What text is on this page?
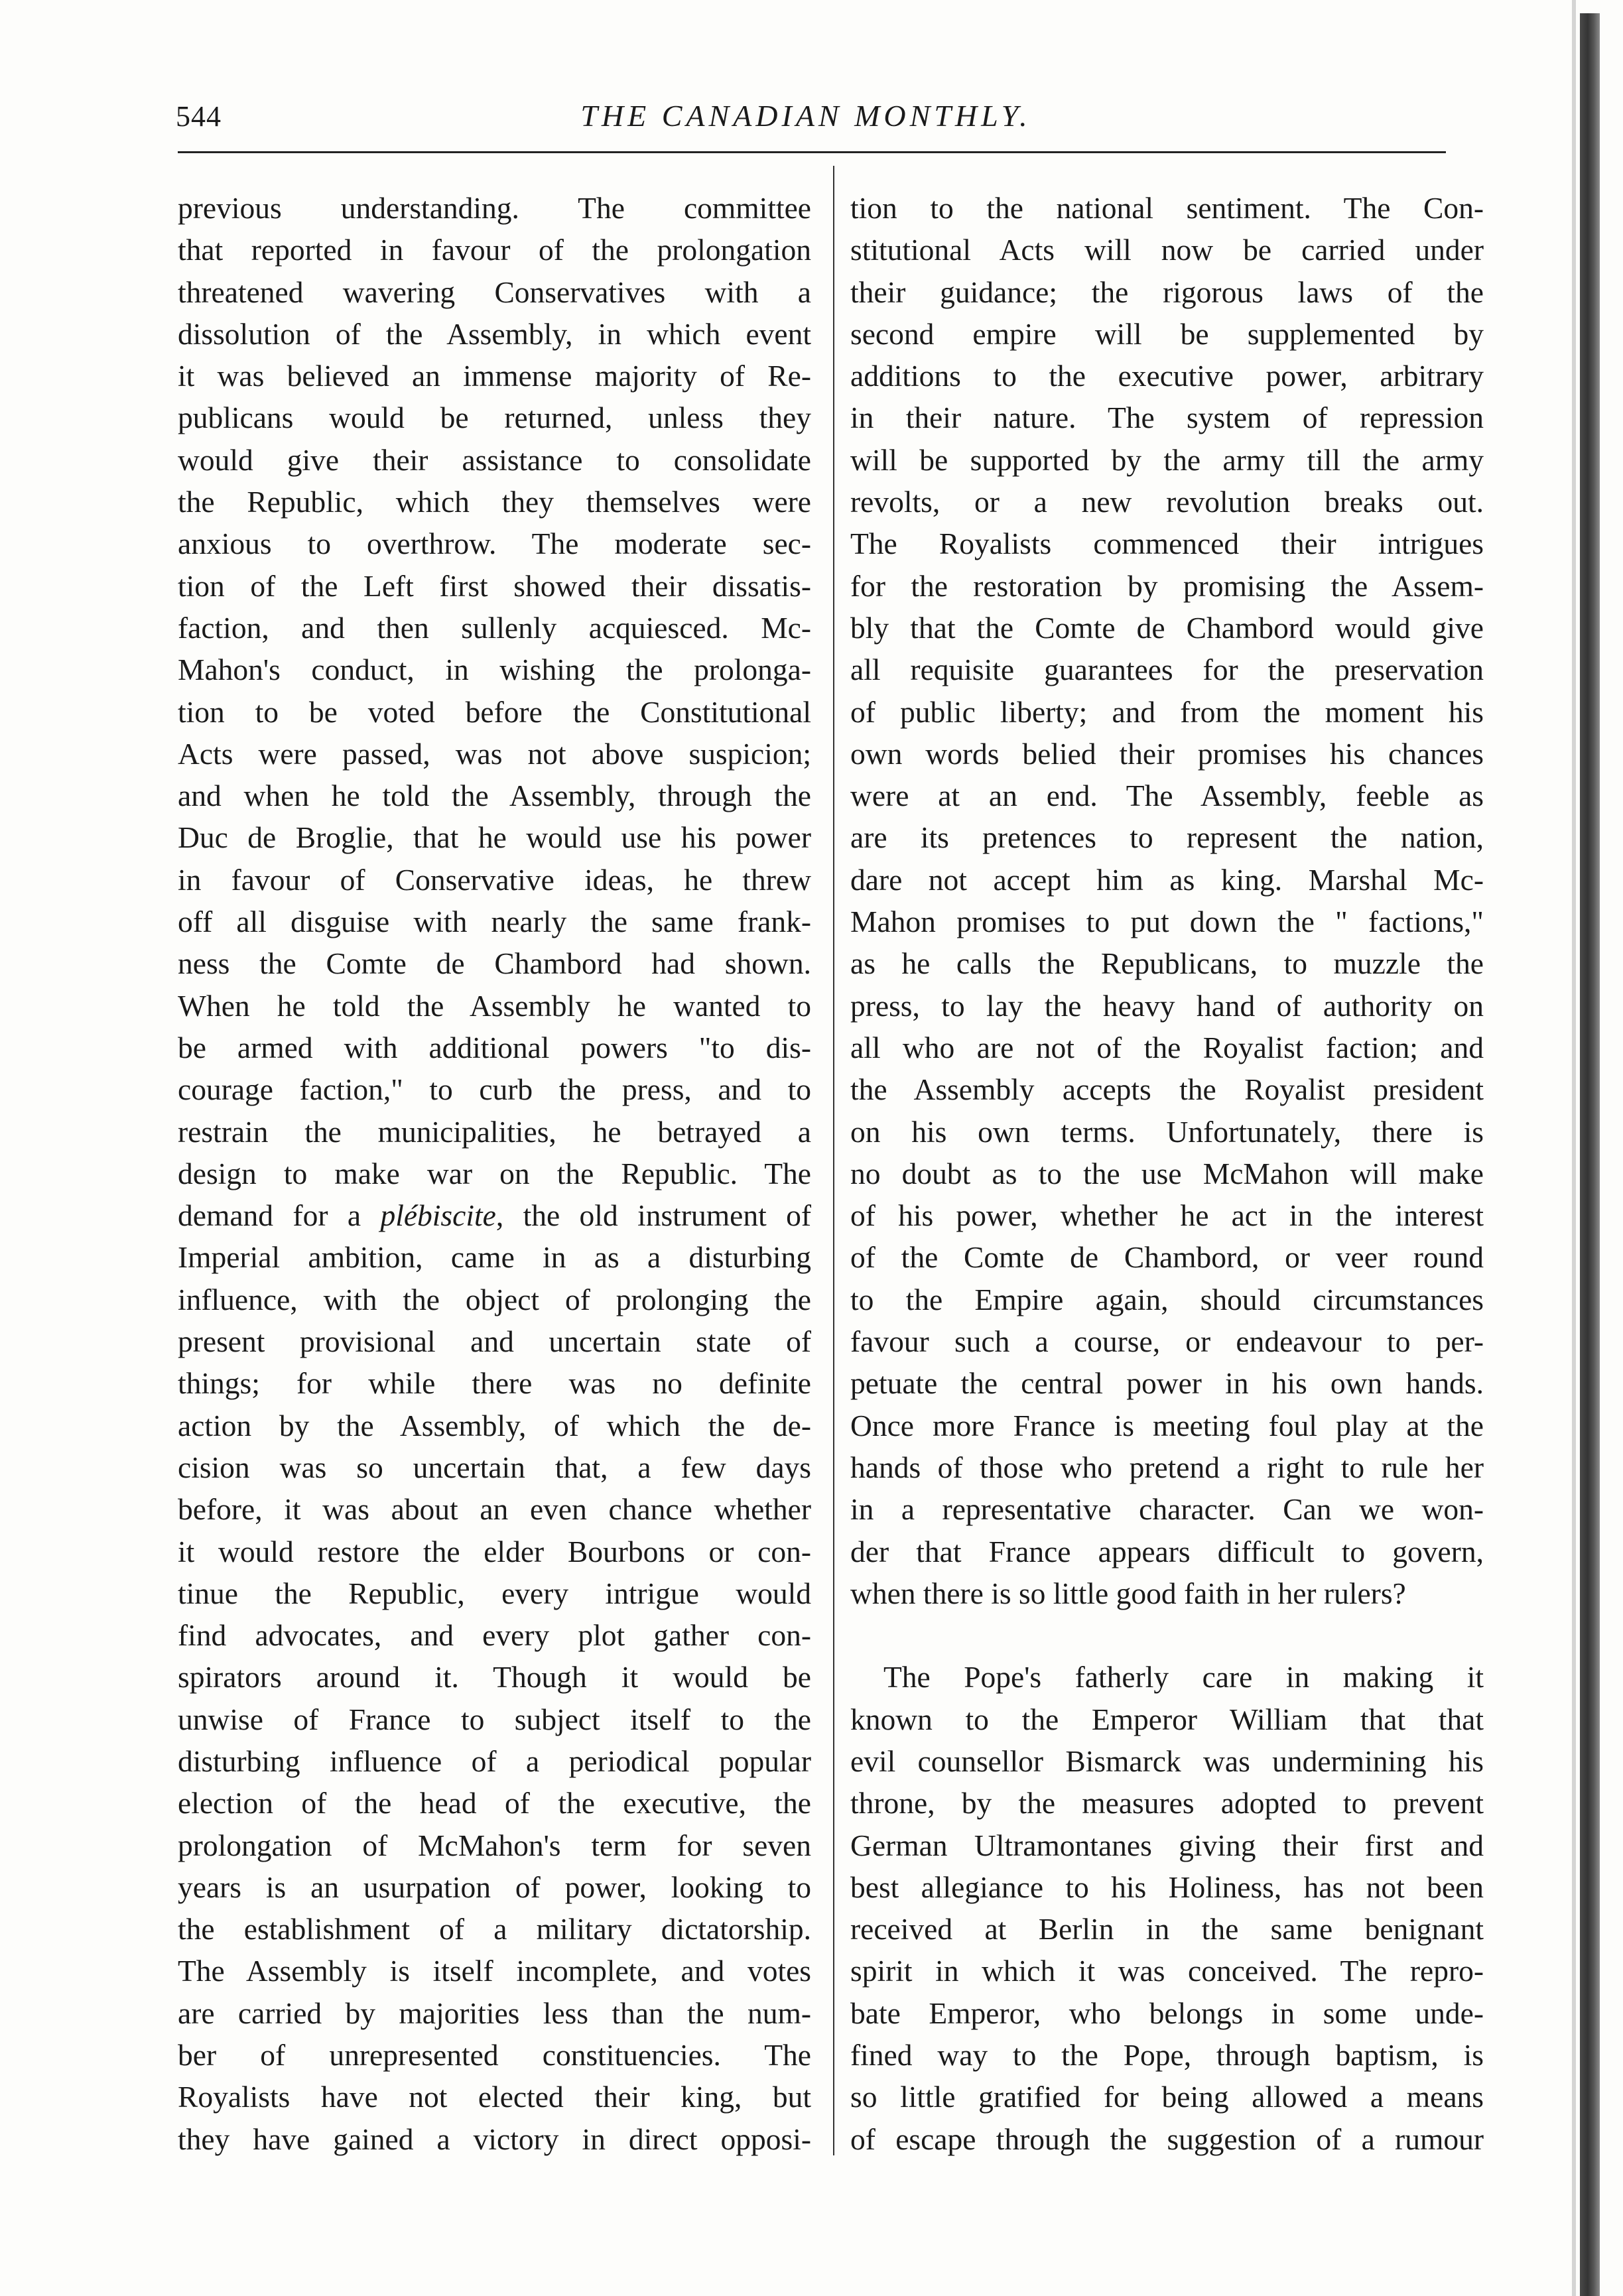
544	THE CANADIAN MONTHLY.
previous understanding. The committee
that reported in favour of the prolongation
threatened wavering Conservatives with a
dissolution of the Assembly, in which event
it was believed an immense majority of Re-
publicans would be returned, unless they
would give their assistance to consolidate
the Republic, which they themselves were
anxious to overthrow. The moderate sec-
tion of the Left first showed their dissatis-
faction, and then sullenly acquiesced. Mc-
Mahon's conduct, in wishing the prolonga-
tion to be voted before the Constitutional
Acts were passed, was not above suspicion;
and when he told the Assembly, through the
Duc de Broglie, that he would use his power
in favour of Conservative ideas, he threw
off all disguise with nearly the same frank-
ness the Comte de Chambord had shown.
When he told the Assembly he wanted to
be armed with additional powers "to dis-
courage faction," to curb the press, and to
restrain the municipalities, he betrayed a
design to make war on the Republic. The
demand for a plébiscite, the old instrument of
Imperial ambition, came in as a disturbing
influence, with the object of prolonging the
present provisional and uncertain state of
things; for while there was no definite
action by the Assembly, of which the de-
cision was so uncertain that, a few days
before, it was about an even chance whether
it would restore the elder Bourbons or con-
tinue the Republic, every intrigue would
find advocates, and every plot gather con-
spirators around it. Though it would be
unwise of France to subject itself to the
disturbing influence of a periodical popular
election of the head of the executive, the
prolongation of McMahon's term for seven
years is an usurpation of power, looking to
the establishment of a military dictatorship.
The Assembly is itself incomplete, and votes
are carried by majorities less than the num-
ber of unrepresented constituencies. The
Royalists have not elected their king, but
they have gained a victory in direct opposi-
tion to the national sentiment. The Con-
stitutional Acts will now be carried under
their guidance; the rigorous laws of the
second empire will be supplemented by
additions to the executive power, arbitrary
in their nature. The system of repression
will be supported by the army till the army
revolts, or a new revolution breaks out.
The Royalists commenced their intrigues
for the restoration by promising the Assem-
bly that the Comte de Chambord would give
all requisite guarantees for the preservation
of public liberty; and from the moment his
own words belied their promises his chances
were at an end. The Assembly, feeble as
are its pretences to represent the nation,
dare not accept him as king. Marshal Mc-
Mahon promises to put down the " factions,"
as he calls the Republicans, to muzzle the
press, to lay the heavy hand of authority on
all who are not of the Royalist faction; and
the Assembly accepts the Royalist president
on his own terms. Unfortunately, there is
no doubt as to the use McMahon will make
of his power, whether he act in the interest
of the Comte de Chambord, or veer round
to the Empire again, should circumstances
favour such a course, or endeavour to per-
petuate the central power in his own hands.
Once more France is meeting foul play at the
hands of those who pretend a right to rule her
in a representative character. Can we won-
der that France appears difficult to govern,
when there is so little good faith in her rulers?
The Pope's fatherly care in making it
known to the Emperor William that that
evil counsellor Bismarck was undermining his
throne, by the measures adopted to prevent
German Ultramontanes giving their first and
best allegiance to his Holiness, has not been
received at Berlin in the same benignant
spirit in which it was conceived. The repro-
bate Emperor, who belongs in some unde-
fined way to the Pope, through baptism, is
so little gratified for being allowed a means
of escape through the suggestion of a rumour
